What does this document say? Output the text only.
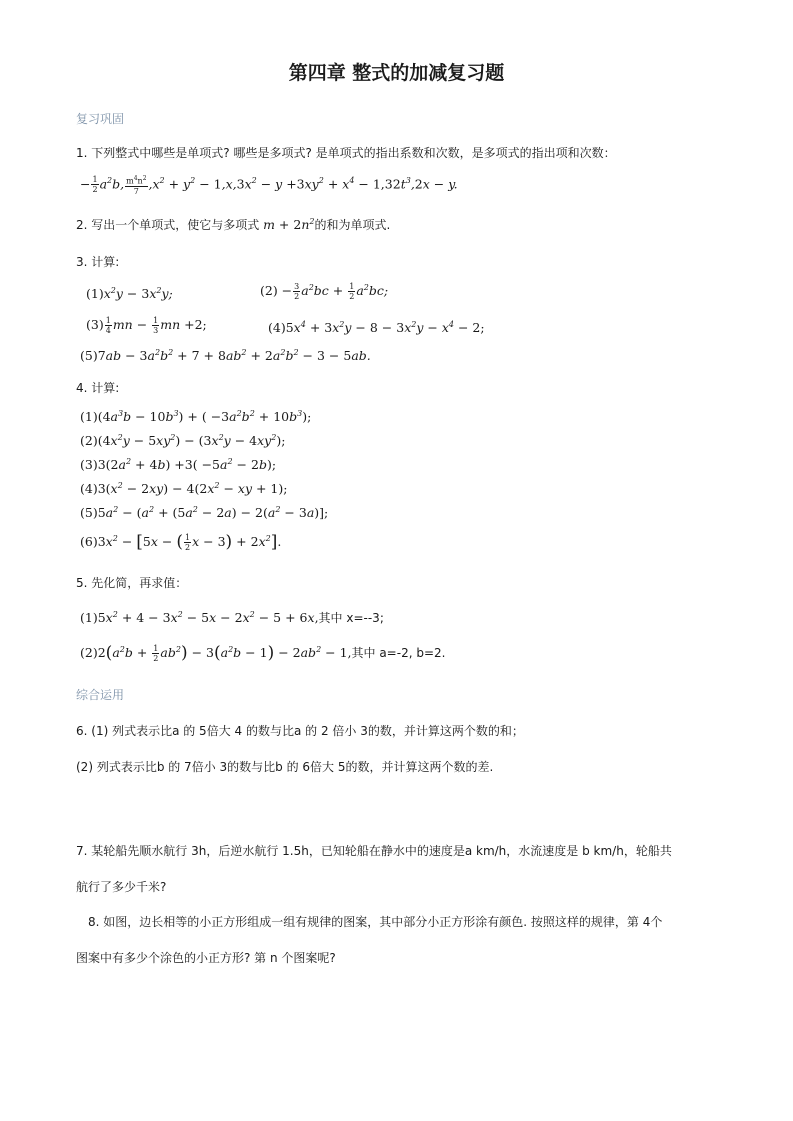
第四章 整式的加减复习题
复习巩固
1. 下列整式中哪些是单项式? 哪些是多项式? 是单项式的指出系数和次数，是多项式的指出项和次数：
− $\frac{1}{2} a^2b$, $\frac{m^4n^2}{7} ,x^2 + y^2 - 1,x,3x^2 - y +3xy^2 + x^4 - 1,32t^3,2x - y$.
2. 写出一个单项式，使它与多项式 $m + 2n^2$的和为单项式.
3. 计算:
$(1)x^2y - 3x^2y$;	$(2) - \frac{3}{2} a^2bc + \frac{1}{2} a^2bc$;
$(3) \frac{1}{4}$ mn − $\frac{1}{3}$ mn +2;	$(4)5x^4 + 3x^2y - 8 - 3x^2y - x^4 - 2$;
$(5)7ab - 3a^2b^2 + 7 + 8ab^2 + 2a^2b^2 - 3 - 5ab$.
4. 计算:
$(1)(4a^3b - 10b^3)$ + ( $-3a^2b^2 + 10b^3$);
$(2)(4x^2y - 5xy^2) - (3x^2y - 4xy^2)$;
$(3)3(2a^2 + 4b) +3( -5a^2 - 2b)$;
$(4)3(x^2 - 2xy) - 4(2x^2$ − xy + 1);
$(5)5a^2 - (a^2 + (5a^2 - 2a) - 2(a^2 - 3a)]$;
$(6)3x^2 - [5x$ − ( $\frac{1}{2}$ $x - 3) + 2x^2$].
5. 先化简，再求值：
$(1)5x^2 + 4 - 3x^2 - 5x - 2x^2 - 5 + 6x$,其中 x=--3;
$(2)2(a^2b + \frac{1}{2} ab^2) - 3(a^2b - 1) - 2ab^2 - 1$,其中 a=-2, b=2.
综合运用
6. (1) 列式表示比a 的 5倍大 4 的数与比a 的 2 倍小 3的数，并计算这两个数的和；
(2) 列式表示比b 的 7倍小 3的数与比b 的 6倍大 5的数，并计算这两个数的差.
7. 某轮船先顺水航行 3h，后逆水航行 1.5h，已知轮船在静水中的速度是a km/h，水流速度是 b km/h，轮船共
航行了多少千米?
8. 如图，边长相等的小正方形组成一组有规律的图案，其中部分小正方形涂有颜色. 按照这样的规律，第 4个
图案中有多少个涂色的小正方形? 第 n 个图案呢?
